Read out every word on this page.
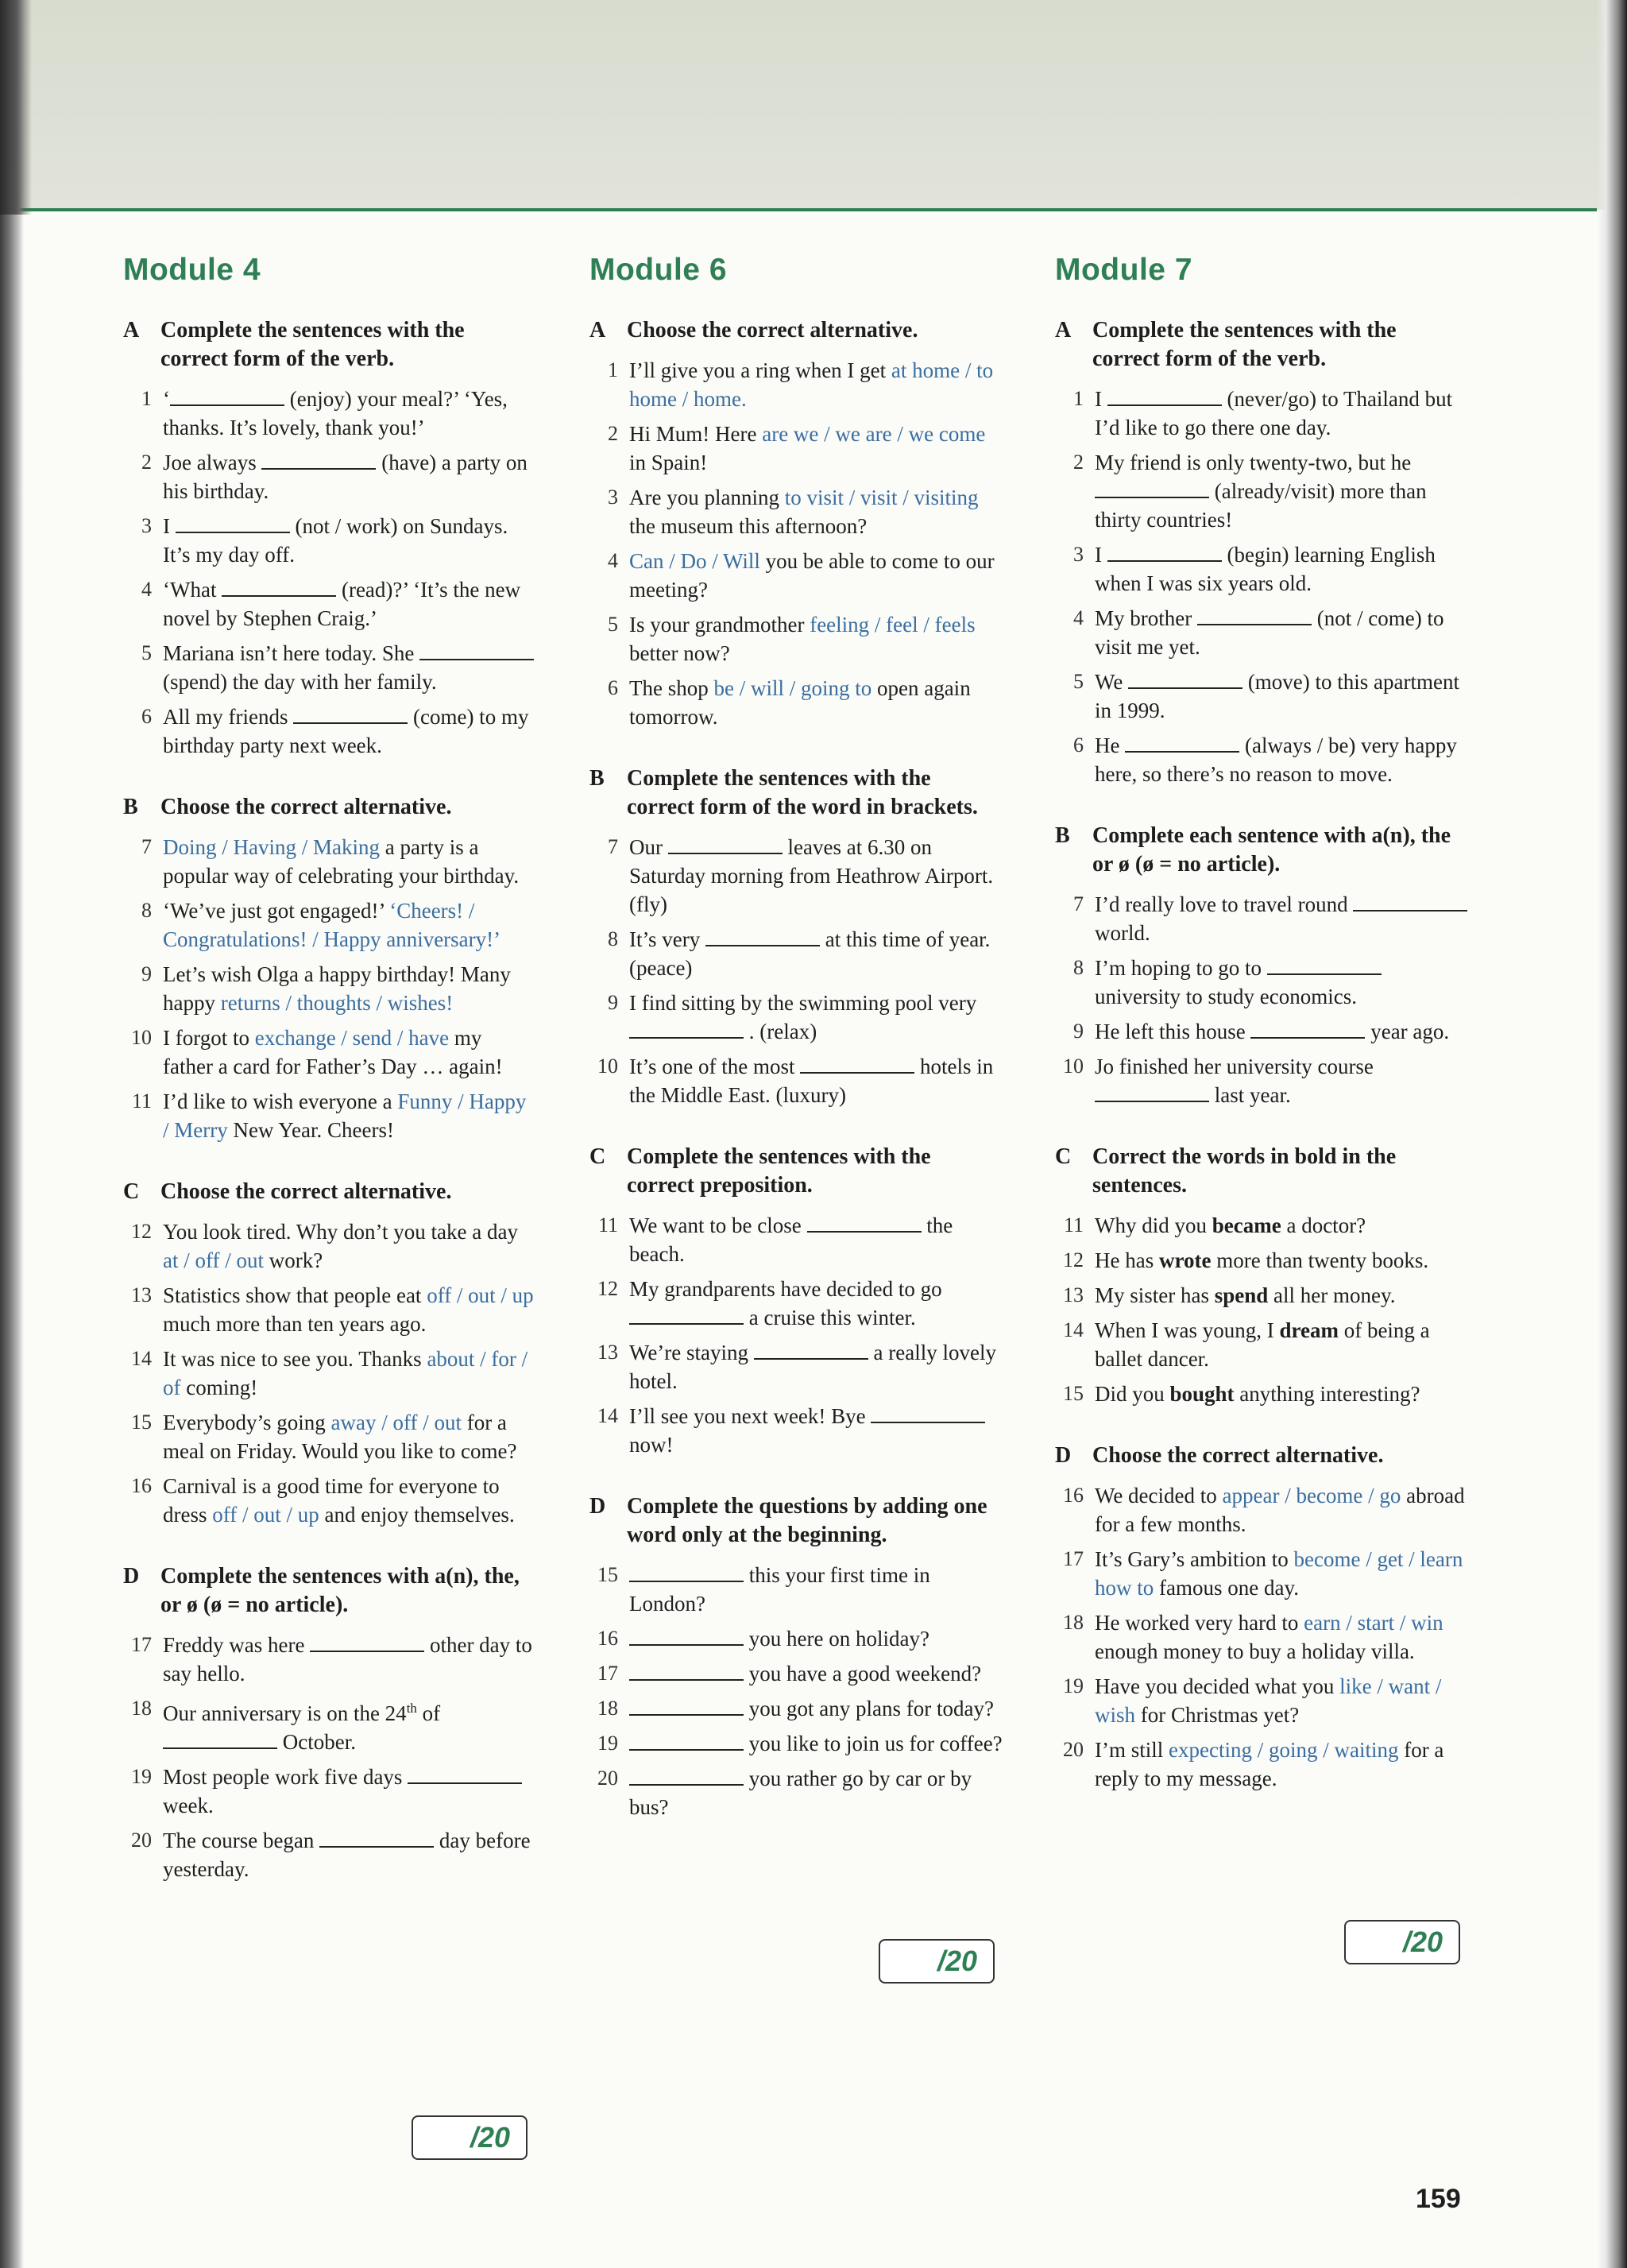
Module 4
A Complete the sentences with the correct form of the verb.
1 ‘	(enjoy) your meal?’ ‘Yes, thanks. It’s lovely, thank you!’
2 Joe always	(have) a party on his birthday.
3 I	(not / work) on Sundays. It’s my day off.
4 ‘What	(read)?’ ‘It’s the new novel by Stephen Craig.’
5 Mariana isn’t here today. She  (spend) the day with her family.
6 All my friends	(come) to my birthday party next week.
B	Choose the correct alternative.
7 Doing / Having / Making a party is a popular way of celebrating your birthday.
8 ‘We’ve just got engaged!’ ‘Cheers! / Congratulations! / Happy anniversary!’
9 Let’s wish Olga a happy birthday! Many happy returns / thoughts / wishes!
10 I forgot to exchange / send / have my father a card for Father’s Day … again!
11 I’d like to wish everyone a Funny / Happy / Merry New Year. Cheers!
C Choose the correct alternative.
12 You look tired. Why don’t you take a day at / off / out work?
13 Statistics show that people eat off / out / up much more than ten years ago.
14 It was nice to see you. Thanks about / for / of coming!
15 Everybody’s going away / off / out for a meal on Friday. Would you like to come?
16 Carnival is a good time for everyone to dress off / out / up and enjoy themselves.
D Complete the sentences with a(n), the, or ø (ø = no article).
17 Freddy was here	other day to say hello.
18 Our anniversary is on the 24th of  October.
19 Most people work five days  week.
20 The course began	day before yesterday.
Module 6
A Choose the correct alternative.
1 I’ll give you a ring when I get at home / to home / home.
2 Hi Mum! Here are we / we are / we come in Spain!
3 Are you planning to visit / visit / visiting the museum this afternoon?
4 Can / Do / Will you be able to come to our meeting?
5 Is your grandmother feeling / feel / feels better now?
6 The shop be / will / going to open again tomorrow.
B	Complete the sentences with the correct form of the word in brackets.
7 Our	leaves at 6.30 on Saturday morning from Heathrow Airport. (fly)
8 It’s very	at this time of year. (peace)
9 I find sitting by the swimming pool very  . (relax)
10 It’s one of the most	hotels in the Middle East. (luxury)
C Complete the sentences with the correct preposition.
11 We want to be close	the beach.
12 My grandparents have decided to go  a cruise this winter.
13 We’re staying	a really lovely hotel.
14 I’ll see you next week! Bye  now!
D Complete the questions by adding one word only at the beginning.
15	this your first time in London?
16	you here on holiday?
17	you have a good weekend?
18	you got any plans for today?
19	you like to join us for coffee?
20	you rather go by car or by bus?
Module 7
A Complete the sentences with the correct form of the verb.
1 I	(never/go) to Thailand but I’d like to go there one day.
2 My friend is only twenty-two, but he  (already/visit) more than thirty countries!
3 I	(begin) learning English when I was six years old.
4 My brother	(not / come) to visit me yet.
5 We	(move) to this apartment in 1999.
6 He	(always / be) very happy here, so there’s no reason to move.
B	Complete each sentence with a(n), the or ø (ø = no article).
7 I’d really love to travel round  world.
8 I’m hoping to go to  university to study economics.
9 He left this house	year ago.
10 Jo finished her university course  last year.
C Correct the words in bold in the sentences.
11 Why did you became a doctor?
12 He has wrote more than twenty books.
13 My sister has spend all her money.
14 When I was young, I dream of being a ballet dancer.
15 Did you bought anything interesting?
D Choose the correct alternative.
16 We decided to appear / become / go abroad for a few months.
17 It’s Gary’s ambition to become / get / learn how to famous one day.
18 He worked very hard to earn / start / win enough money to buy a holiday villa.
19 Have you decided what you like / want / wish for Christmas yet?
20 I’m still expecting / going / waiting for a reply to my message.
/20
/20
/20
159
